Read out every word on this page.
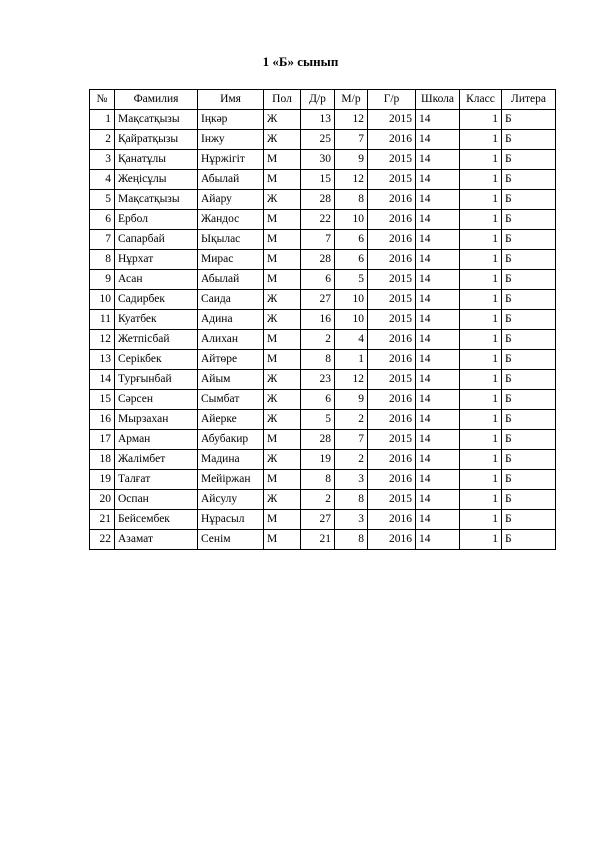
1 «Б» сынып
№	Фамилия	Имя	Пол	Д/р	М/р	Г/р	Школа	Класс	Литера
1	Мақсатқызы	Іңкәр	Ж	13	12	2015	14	1	Б
2	Қайратқызы	Інжу	Ж	25	7	2016	14	1	Б
3	Қанатұлы	Нұржігіт	М	30	9	2015	14	1	Б
4	Жеңісұлы	Абылай	М	15	12	2015	14	1	Б
5	Мақсатқызы	Айару	Ж	28	8	2016	14	1	Б
6	Ербол	Жандос	М	22	10	2016	14	1	Б
7	Сапарбай	Ықылас	М	7	6	2016	14	1	Б
8	Нұрхат	Мирас	М	28	6	2016	14	1	Б
9	Асан	Абылай	М	6	5	2015	14	1	Б
10	Садирбек	Саида	Ж	27	10	2015	14	1	Б
11	Куатбек	Адина	Ж	16	10	2015	14	1	Б
12	Жетпісбай	Алихан	М	2	4	2016	14	1	Б
13	Серікбек	Айтөре	М	8	1	2016	14	1	Б
14	Турғынбай	Айым	Ж	23	12	2015	14	1	Б
15	Сәрсен	Сымбат	Ж	6	9	2016	14	1	Б
16	Мырзахан	Айерке	Ж	5	2	2016	14	1	Б
17	Арман	Абубакир	М	28	7	2015	14	1	Б
18	Жалімбет	Мадина	Ж	19	2	2016	14	1	Б
19	Талғат	Мейіржан	М	8	3	2016	14	1	Б
20	Оспан	Айсулу	Ж	2	8	2015	14	1	Б
21	Бейсембек	Нұрасыл	М	27	3	2016	14	1	Б
22	Азамат	Сенім	М	21	8	2016	14	1	Б
